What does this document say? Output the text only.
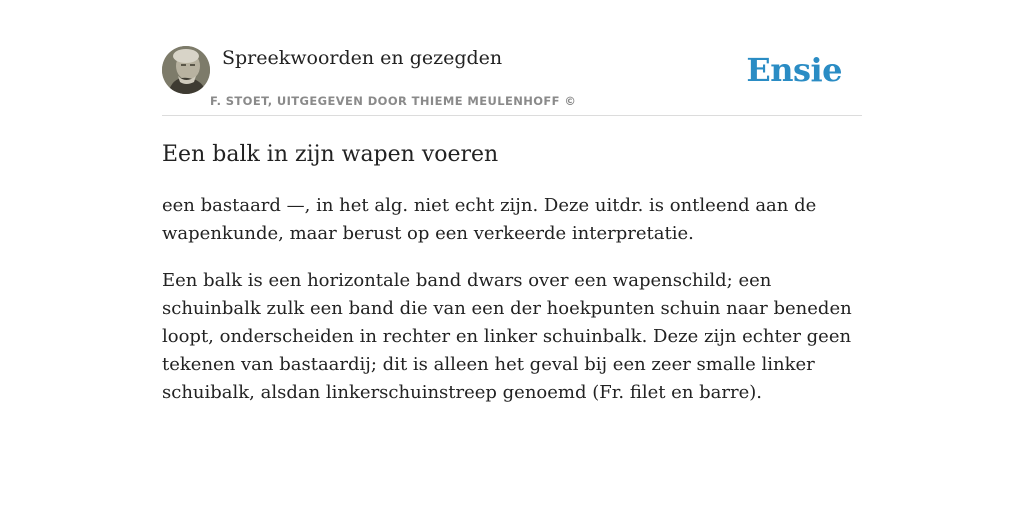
Spreekwoorden en gezegden
F. STOET, UITGEGEVEN DOOR THIEME MEULENHOFF ©
Ensie
Een balk in zijn wapen voeren

een bastaard —, in het alg. niet echt zijn. Deze uitdr. is ontleend aan de wapenkunde, maar berust op een verkeerde interpretatie.

Een balk is een horizontale band dwars over een wapenschild; een schuinbalk zulk een band die van een der hoekpunten schuin naar beneden loopt, onderscheiden in rechter en linker schuinbalk. Deze zijn echter geen tekenen van bastaardij; dit is alleen het geval bij een zeer smalle linker schuibalk, alsdan linkerschuinstreep genoemd (Fr. filet en barre).
